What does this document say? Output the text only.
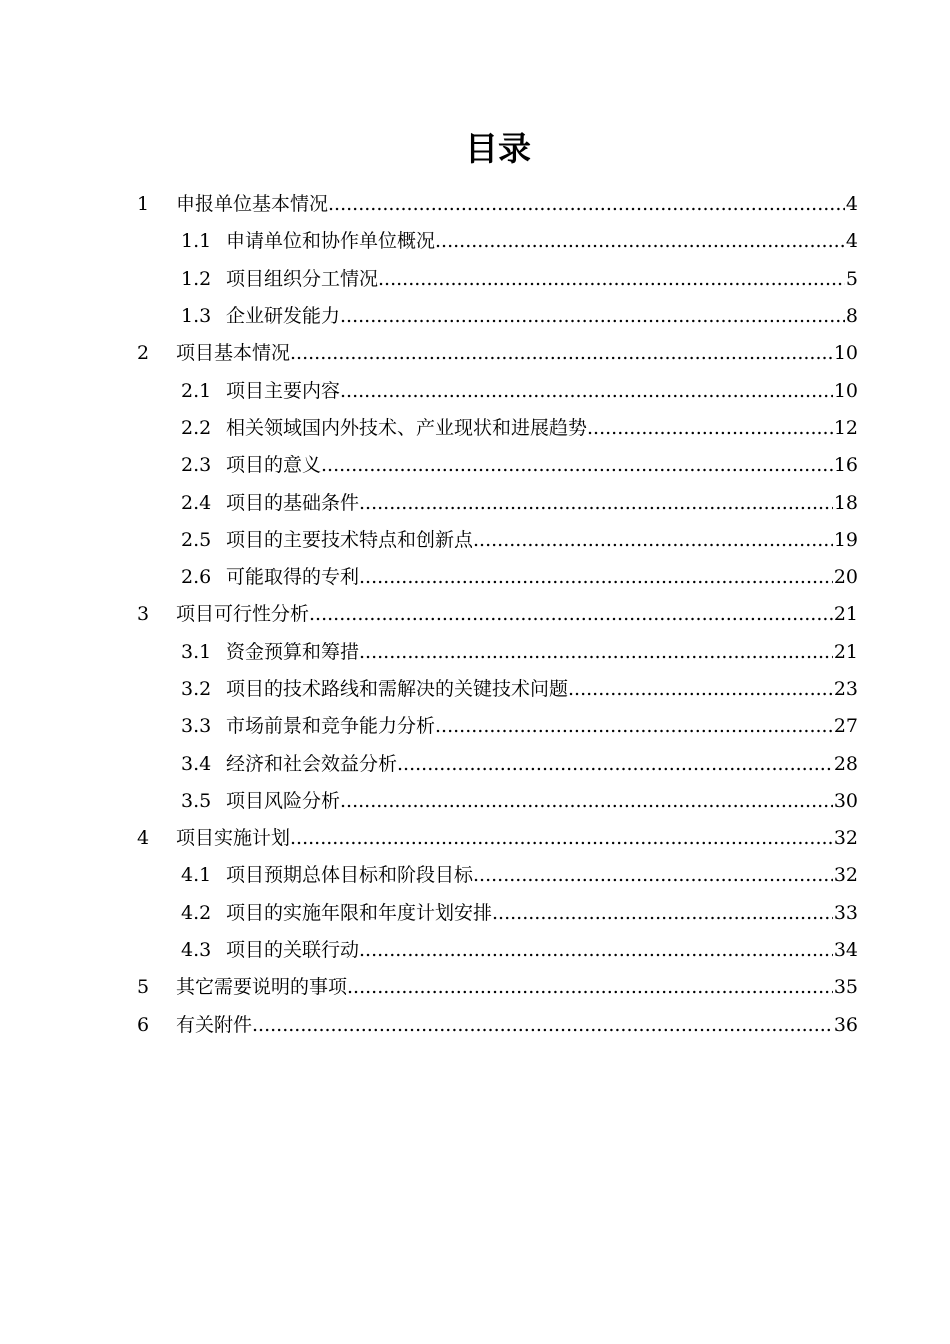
目录
1 申报单位基本情况 .....	4
1.1 申请单位和协作单位概况 .....	4
1.2 项目组织分工情况 .....	5
1.3 企业研发能力 .....	8
2 项目基本情况 .....	10
2.1 项目主要内容 .....	10
2.2 相关领域国内外技术、产业现状和进展趋势 .....	12
2.3 项目的意义 .....	16
2.4 项目的基础条件 .....	18
2.5 项目的主要技术特点和创新点 .....	19
2.6 可能取得的专利 .....	20
3 项目可行性分析 .....	21
3.1 资金预算和筹措 .....	21
3.2 项目的技术路线和需解决的关键技术问题 .....	23
3.3 市场前景和竞争能力分析 .....	27
3.4 经济和社会效益分析 .....	28
3.5 项目风险分析 .....	30
4 项目实施计划 .....	32
4.1 项目预期总体目标和阶段目标 .....	32
4.2 项目的实施年限和年度计划安排 .....	33
4.3 项目的关联行动 .....	34
5 其它需要说明的事项 .....	35
6 有关附件 .....	36
